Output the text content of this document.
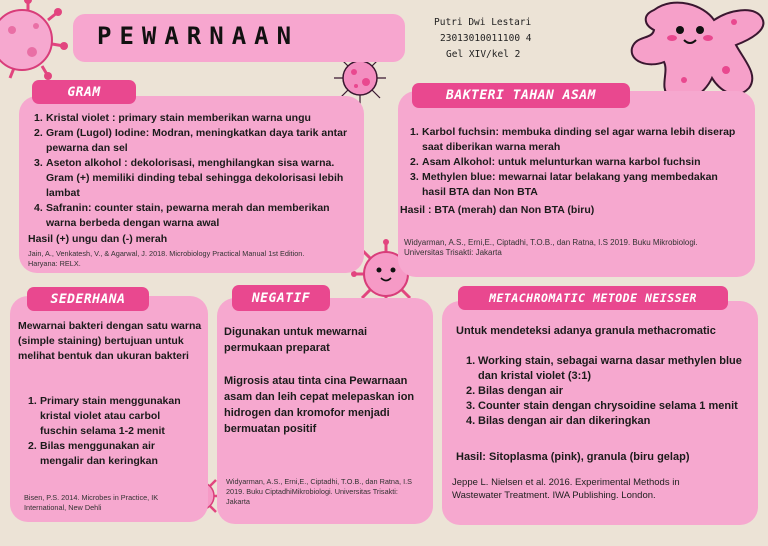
PEWARNAAN	Putri Dwi Lestari
23013010011100 4
Gel XIV/kel 2
GRAM
1. Kristal violet : primary stain memberikan warna ungu
2. Gram (Lugol) Iodine: Modran, meningkatkan daya tarik antar pewarna dan sel
3. Aseton alkohol : dekolorisasi, menghilangkan sisa warna. Gram (+) memiliki dinding tebal sehingga dekolorisasi lebih lambat
4. Safranin: counter stain, pewarna merah dan memberikan warna berbeda dengan warna awal
Hasil (+) ungu dan (-) merah
Jain, A., Venkatesh, V., & Agarwal, J. 2018. Microbiology Practical Manual 1st Edition. Haryana: RELX.
BAKTERI TAHAN ASAM
1. Karbol fuchsin: membuka dinding sel agar warna lebih diserap saat diberikan warna merah
2. Asam Alkohol: untuk melunturkan warna karbol fuchsin
3. Methylen blue: mewarnai latar belakang yang membedakan hasil BTA dan Non BTA
Hasil : BTA (merah) dan Non BTA (biru)
Widyarman, A.S., Erni,E., Ciptadhi, T.O.B., dan Ratna, I.S 2019. Buku Mikrobiologi. Universitas Trisakti: Jakarta
SEDERHANA
Mewarnai bakteri dengan satu warna (simple staining) bertujuan untuk melihat bentuk dan ukuran bakteri
1. Primary stain menggunakan kristal violet atau carbol fuschin selama 1-2 menit
2. Bilas menggunakan air mengalir dan keringkan
Bisen, P.S. 2014. Microbes in Practice, IK International, New Dehli
NEGATIF
Digunakan untuk mewarnai permukaan preparat
Migrosis atau tinta cina Pewarnaan asam dan leih cepat melepaskan ion hidrogen dan kromofor menjadi bermuatan positif
Widyarman, A.S., Erni,E., Ciptadhi, T.O.B., dan Ratna, I.S 2019. Buku CiptadhiMikrobiologi. Universitas Trisakti: Jakarta
METACHROMATIC METODE NEISSER
Untuk mendeteksi adanya granula methacromatic
1. Working stain, sebagai warna dasar methylen blue dan kristal violet (3:1)
2. Bilas dengan air
3. Counter stain dengan chrysoidine selama 1 menit
4. Bilas dengan air dan dikeringkan
Hasil: Sitoplasma (pink), granula (biru gelap)
Jeppe L. Nielsen et al. 2016. Experimental Methods in Wastewater Treatment. IWA Publishing. London.
